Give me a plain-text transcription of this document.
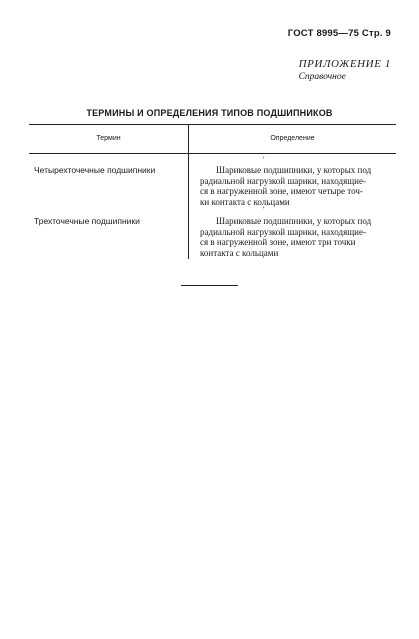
ГОСТ 8995—75 Стр. 9
ПРИЛОЖЕНИЕ 1
Справочное
ТЕРМИНЫ И ОПРЕДЕЛЕНИЯ ТИПОВ ПОДШИПНИКОВ
Термин	Определение
Четырехточечные подшипники	Шариковые подшипники, у которых под
радиальной нагрузкой шарики, находящие-
ся в нагруженной зоне, имеют четыре точ-
ки контакта с кольцами
Трехточечные подшипники	Шариковые подшипники, у которых под
радиальной нагрузкой шарики, находящие-
ся в нагруженной зоне, имеют три точки
контакта с кольцами
'
'
